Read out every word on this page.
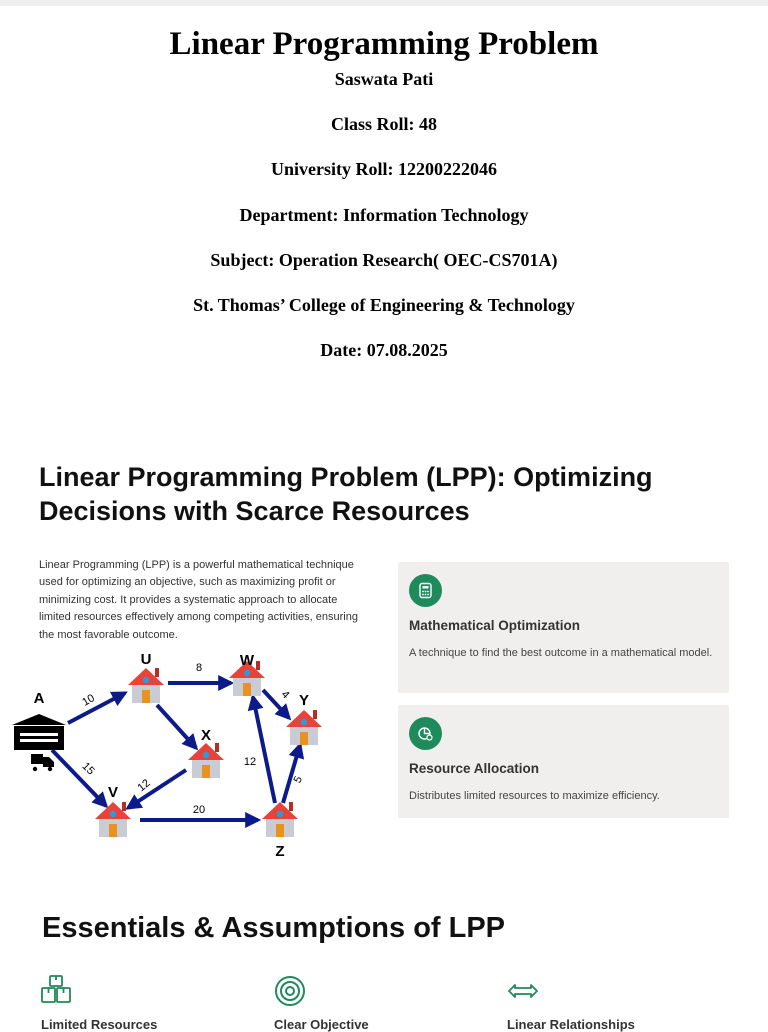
Linear Programming Problem

Saswata Pati

Class Roll: 48

University Roll: 12200222046

Department: Information Technology

Subject: Operation Research( OEC-CS701A)

St. Thomas’ College of Engineering & Technology

Date: 07.08.2025

Linear Programming Problem (LPP): Optimizing Decisions with Scarce Resources
Linear Programming (LPP) is a powerful mathematical technique used for optimizing an objective, such as maximizing profit or minimizing cost. It provides a systematic approach to allocate limited resources effectively among competing activities, ensuring the most favorable outcome.
Mathematical Optimization
A technique to find the best outcome in a mathematical model.
Resource Allocation
Distributes limited resources to maximize efficiency.
A
U	W
X
Y
V
Z
10
15
8
4
12
20
12
5
Essentials & Assumptions of LPP
Limited Resources	Clear Objective	Linear Relationships
